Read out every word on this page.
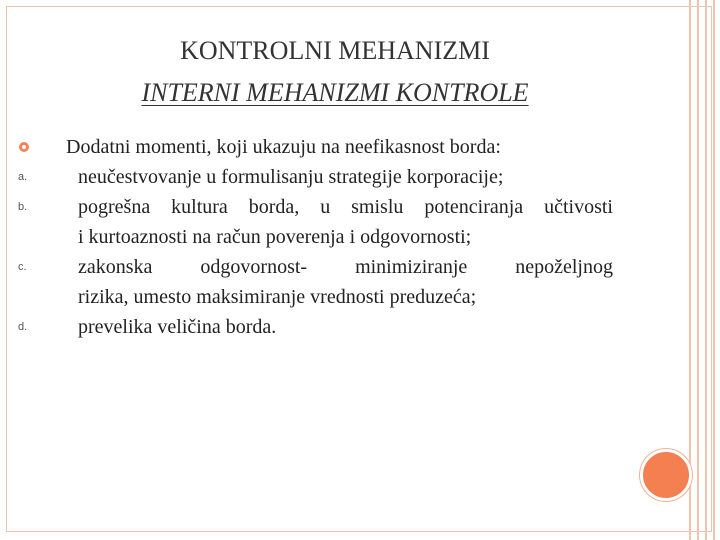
KONTROLNI MEHANIZMI
INTERNI MEHANIZMI KONTROLE
Dodatni momenti, koji ukazuju na neefikasnost borda:
a.	neučestvovanje u formulisanju strategije korporacije;
b.	pogrešna kultura borda, u smislu potenciranja učtivosti
i kurtoaznosti na račun poverenja i odgovornosti;
c.	zakonska odgovornost- minimiziranje nepoželjnog
rizika, umesto maksimiranje vrednosti preduzeća;
d.	prevelika veličina borda.
